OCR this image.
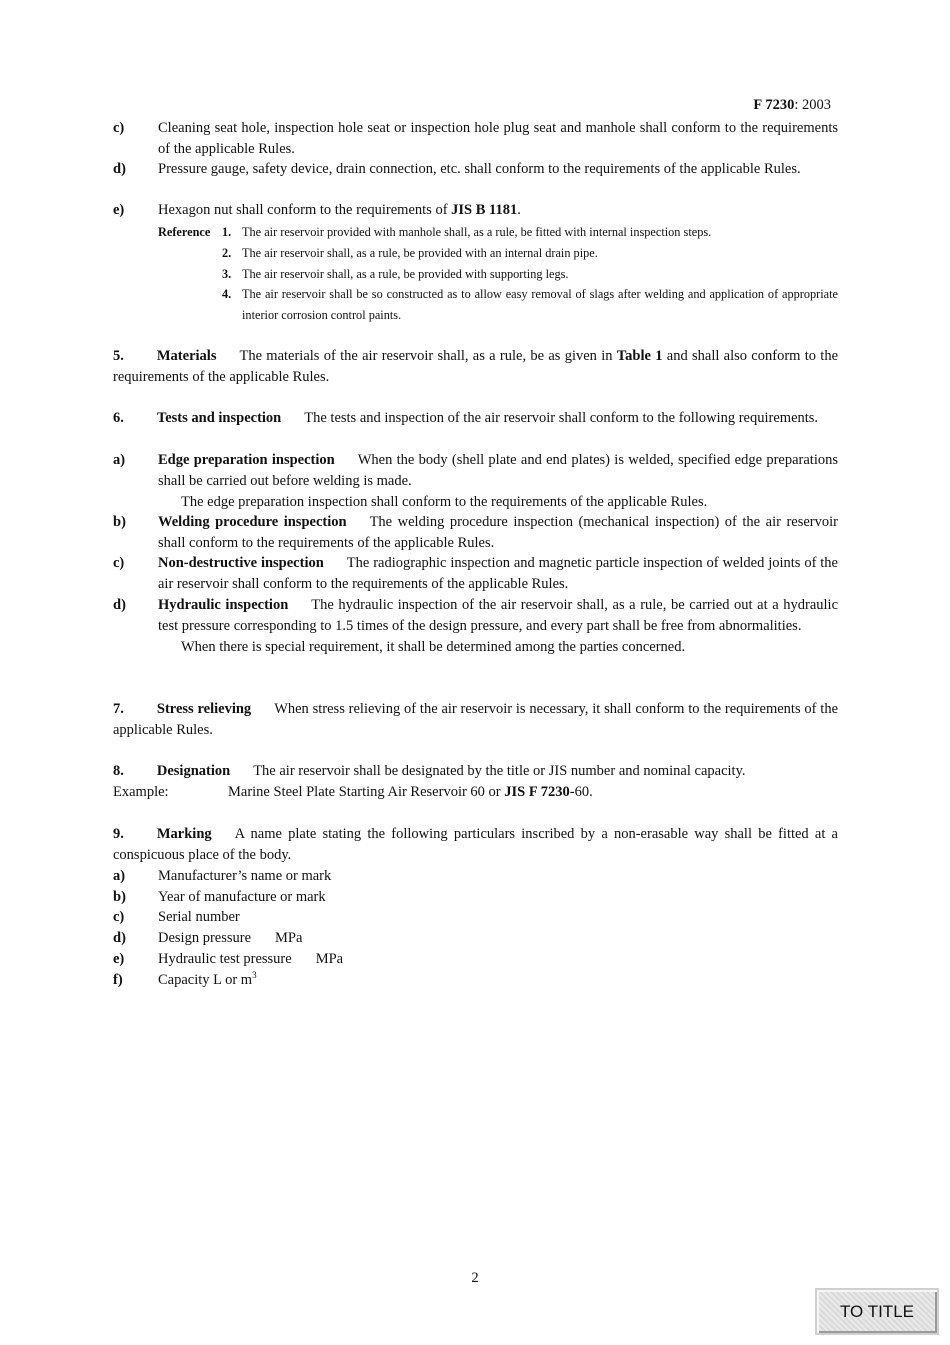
F 7230: 2003
c) Cleaning seat hole, inspection hole seat or inspection hole plug seat and manhole shall conform to the requirements of the applicable Rules.
d) Pressure gauge, safety device, drain connection, etc. shall conform to the requirements of the applicable Rules.
e) Hexagon nut shall conform to the requirements of JIS B 1181.
Reference 1. The air reservoir provided with manhole shall, as a rule, be fitted with internal inspection steps.
2. The air reservoir shall, as a rule, be provided with an internal drain pipe.
3. The air reservoir shall, as a rule, be provided with supporting legs.
4. The air reservoir shall be so constructed as to allow easy removal of slags after welding and application of appropriate interior corrosion control paints.
5. Materials The materials of the air reservoir shall, as a rule, be as given in Table 1 and shall also conform to the requirements of the applicable Rules.
6. Tests and inspection The tests and inspection of the air reservoir shall conform to the following requirements.
a) Edge preparation inspection When the body (shell plate and end plates) is welded, specified edge preparations shall be carried out before welding is made.
The edge preparation inspection shall conform to the requirements of the applicable Rules.
b) Welding procedure inspection The welding procedure inspection (mechanical inspection) of the air reservoir shall conform to the requirements of the applicable Rules.
c) Non-destructive inspection The radiographic inspection and magnetic particle inspection of welded joints of the air reservoir shall conform to the requirements of the applicable Rules.
d) Hydraulic inspection The hydraulic inspection of the air reservoir shall, as a rule, be carried out at a hydraulic test pressure corresponding to 1.5 times of the design pressure, and every part shall be free from abnormalities.
When there is special requirement, it shall be determined among the parties concerned.
7. Stress relieving When stress relieving of the air reservoir is necessary, it shall conform to the requirements of the applicable Rules.
8. Designation The air reservoir shall be designated by the title or JIS number and nominal capacity.
Example:	Marine Steel Plate Starting Air Reservoir 60 or JIS F 7230-60.
9. Marking A name plate stating the following particulars inscribed by a non-erasable way shall be fitted at a conspicuous place of the body.
a) Manufacturer’s name or mark
b) Year of manufacture or mark
c) Serial number
d) Design pressure MPa
e) Hydraulic test pressure MPa
f) Capacity L or $m^3$
2
TO TITLE
